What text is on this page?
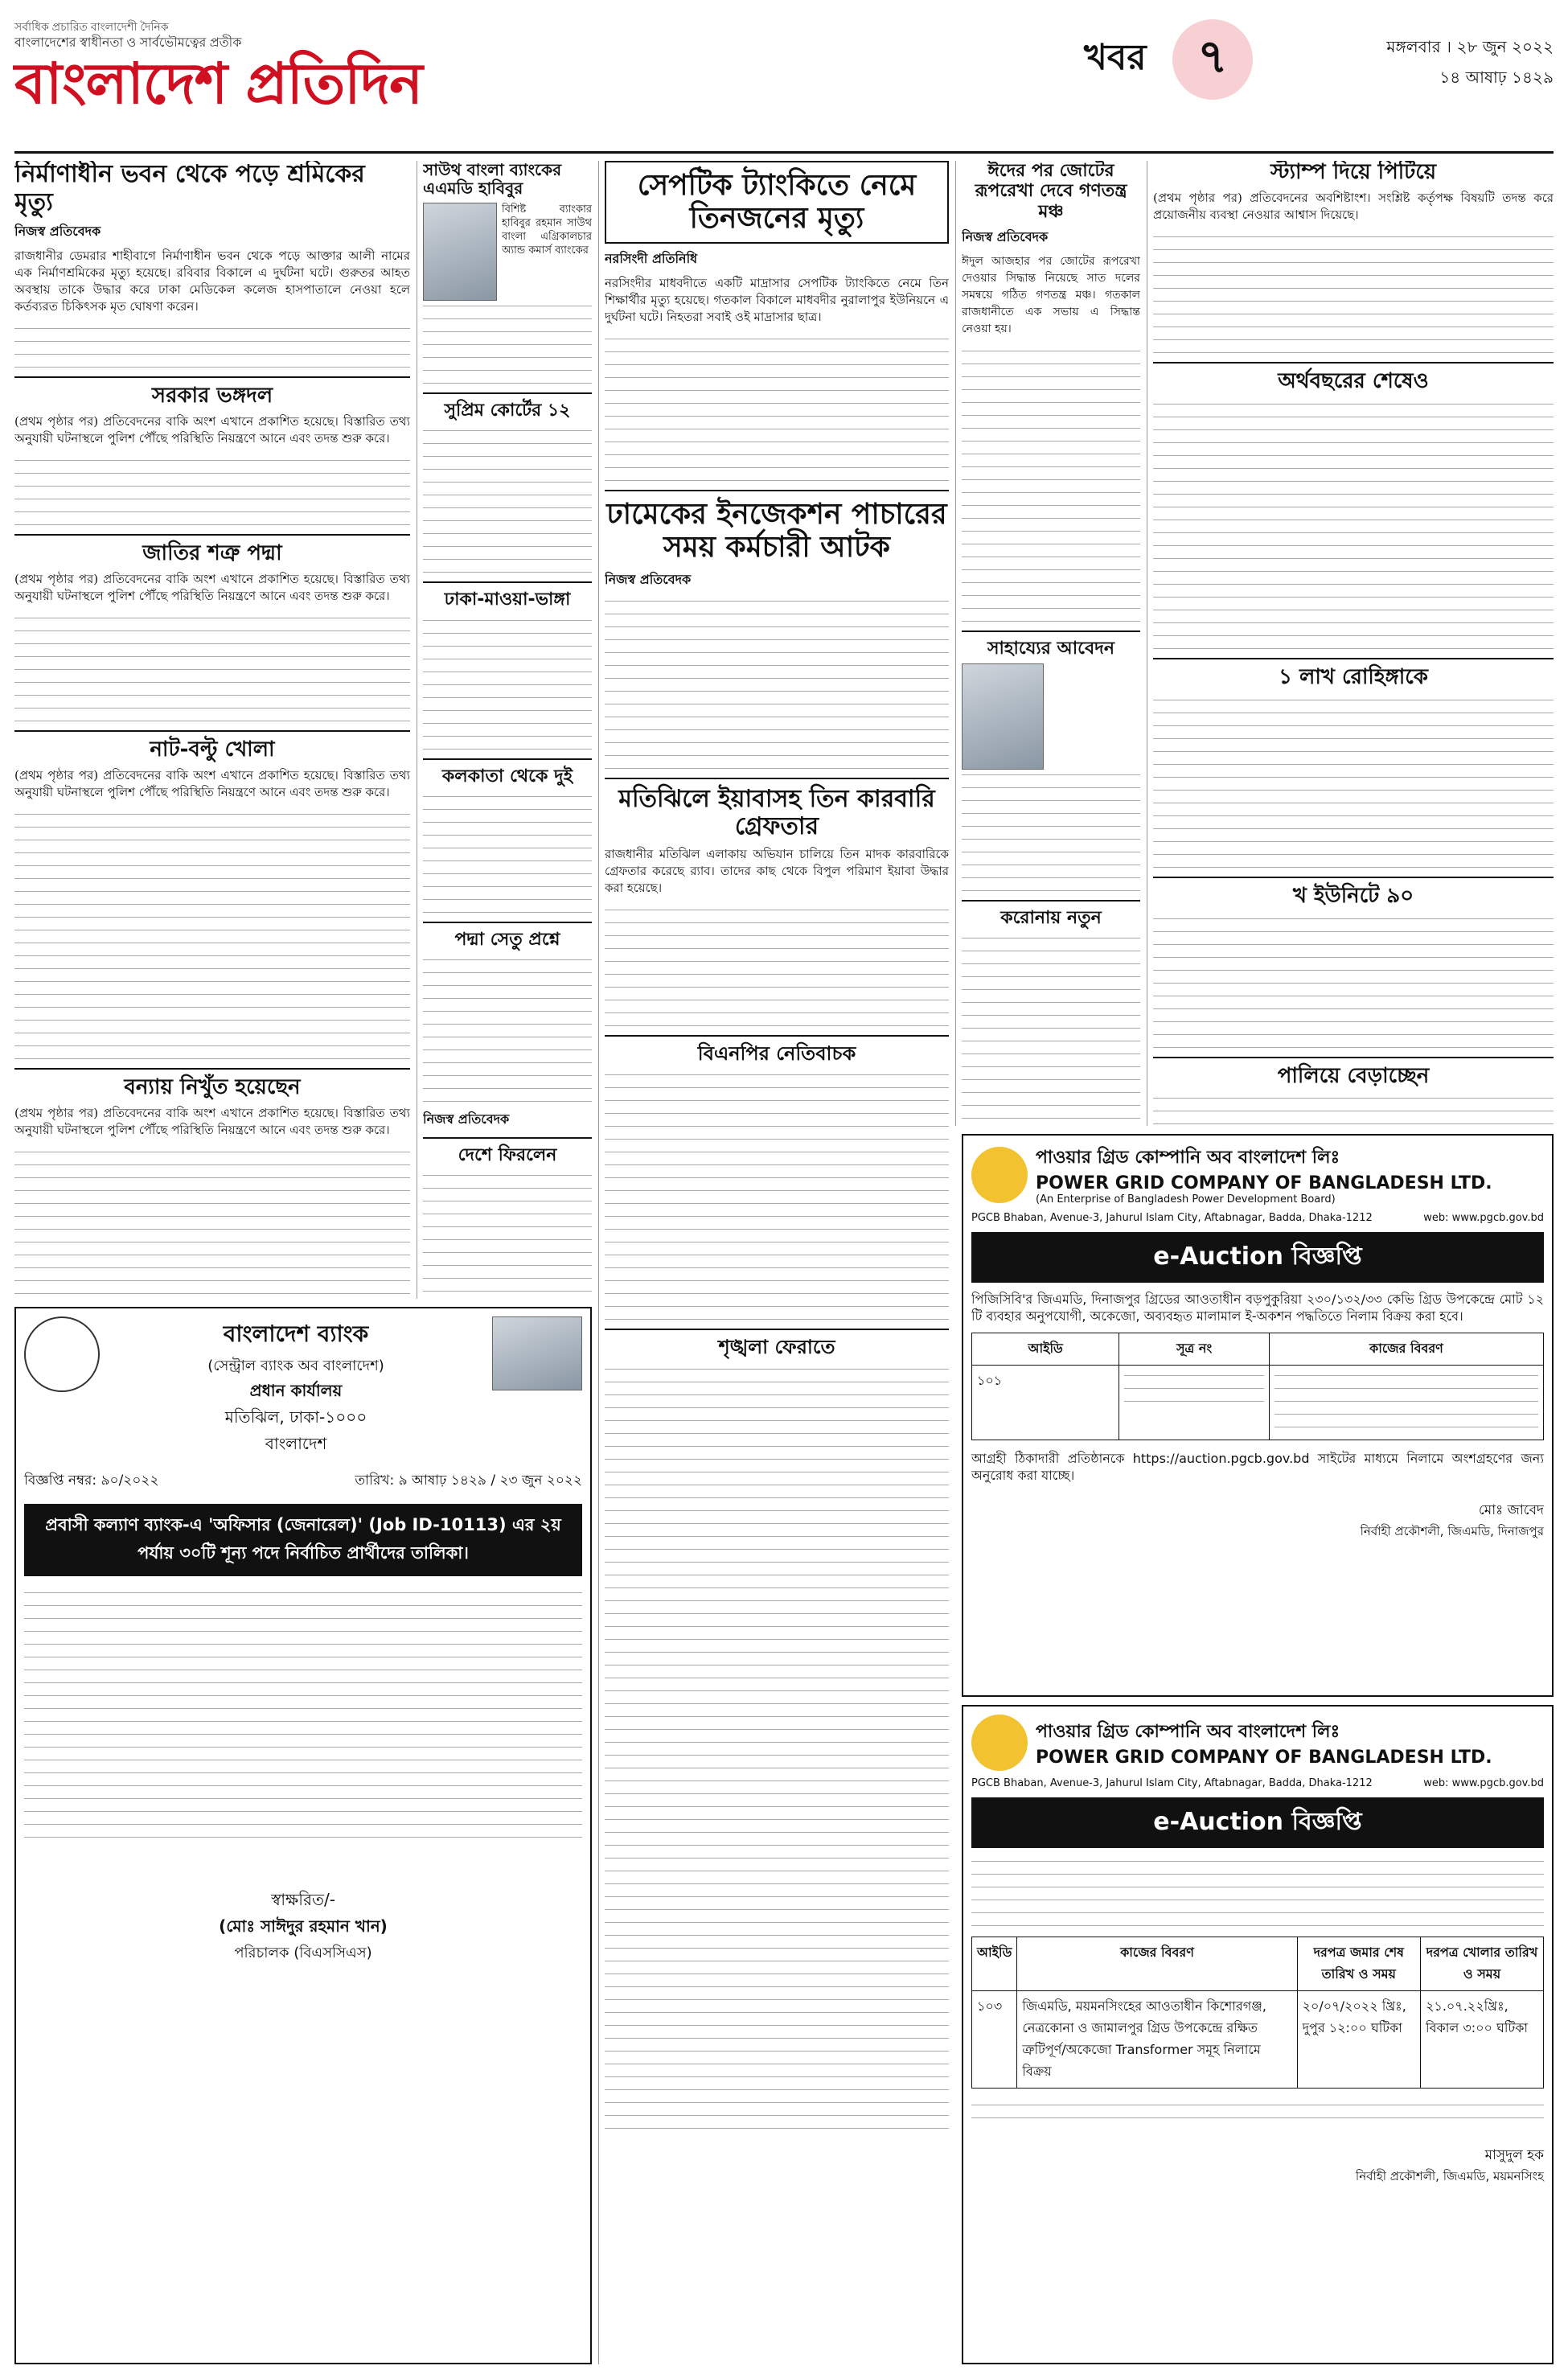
সর্বাধিক প্রচারিত বাংলাদেশী দৈনিক
বাংলাদেশের স্বাধীনতা ও সার্বভৌমত্বের প্রতীক
বাংলাদেশ প্রতিদিন	খবর	৭	মঙ্গলবার । ২৮ জুন ২০২২
১৪ আষাঢ় ১৪২৯
নির্মাণাধীন ভবন থেকে পড়ে শ্রমিকের মৃত্যু
নিজস্ব প্রতিবেদক

রাজধানীর ডেমরার শাহীবাগে নির্মাণাধীন ভবন থেকে পড়ে আক্তার আলী নামের এক নির্মাণশ্রমিকের মৃত্যু হয়েছে। রবিবার বিকালে এ দুর্ঘটনা ঘটে। গুরুতর আহত অবস্থায় তাকে উদ্ধার করে ঢাকা মেডিকেল কলেজ হাসপাতালে নেওয়া হলে কর্তব্যরত চিকিৎসক মৃত ঘোষণা করেন।

সরকার ভঙ্গদল

(প্রথম পৃষ্ঠার পর) প্রতিবেদনের বাকি অংশ এখানে প্রকাশিত হয়েছে। বিস্তারিত তথ্য অনুযায়ী ঘটনাস্থলে পুলিশ পৌঁছে পরিস্থিতি নিয়ন্ত্রণে আনে এবং তদন্ত শুরু করে।

জাতির শত্রু পদ্মা

(প্রথম পৃষ্ঠার পর) প্রতিবেদনের বাকি অংশ এখানে প্রকাশিত হয়েছে। বিস্তারিত তথ্য অনুযায়ী ঘটনাস্থলে পুলিশ পৌঁছে পরিস্থিতি নিয়ন্ত্রণে আনে এবং তদন্ত শুরু করে।

নাট-বল্টু খোলা

(প্রথম পৃষ্ঠার পর) প্রতিবেদনের বাকি অংশ এখানে প্রকাশিত হয়েছে। বিস্তারিত তথ্য অনুযায়ী ঘটনাস্থলে পুলিশ পৌঁছে পরিস্থিতি নিয়ন্ত্রণে আনে এবং তদন্ত শুরু করে।

বন্যায় নিখুঁত হয়েছেন

(প্রথম পৃষ্ঠার পর) প্রতিবেদনের বাকি অংশ এখানে প্রকাশিত হয়েছে। বিস্তারিত তথ্য অনুযায়ী ঘটনাস্থলে পুলিশ পৌঁছে পরিস্থিতি নিয়ন্ত্রণে আনে এবং তদন্ত শুরু করে।

সাউথ বাংলা ব্যাংকের এএমডি হাবিবুর
বিশিষ্ট ব্যাংকার হাবিবুর রহমান সাউথ বাংলা এগ্রিকালচার অ্যান্ড কমার্স ব্যাংকের
সুপ্রিম কোর্টের ১২
ঢাকা-মাওয়া-ভাঙ্গা
কলকাতা থেকে দুই
পদ্মা সেতু প্রশ্নে
নিজস্ব প্রতিবেদক
দেশে ফিরলেন
সেপটিক ট্যাংকিতে নেমে তিনজনের মৃত্যু
নরসিংদী প্রতিনিধি

নরসিংদীর মাধবদীতে একটি মাদ্রাসার সেপটিক ট্যাংকিতে নেমে তিন শিক্ষার্থীর মৃত্যু হয়েছে। গতকাল বিকালে মাধবদীর নুরালাপুর ইউনিয়নে এ দুর্ঘটনা ঘটে। নিহতরা সবাই ওই মাদ্রাসার ছাত্র।

ঢামেকের ইনজেকশন পাচারের সময় কর্মচারী আটক
নিজস্ব প্রতিবেদক
মতিঝিলে ইয়াবাসহ তিন কারবারি গ্রেফতার

রাজধানীর মতিঝিল এলাকায় অভিযান চালিয়ে তিন মাদক কারবারিকে গ্রেফতার করেছে র‍্যাব। তাদের কাছ থেকে বিপুল পরিমাণ ইয়াবা উদ্ধার করা হয়েছে।

বিএনপির নেতিবাচক
শৃঙ্খলা ফেরাতে
ঈদের পর জোটের রূপরেখা দেবে গণতন্ত্র মঞ্চ
নিজস্ব প্রতিবেদক

ঈদুল আজহার পর জোটের রূপরেখা দেওয়ার সিদ্ধান্ত নিয়েছে সাত দলের সমন্বয়ে গঠিত গণতন্ত্র মঞ্চ। গতকাল রাজধানীতে এক সভায় এ সিদ্ধান্ত নেওয়া হয়।

সাহায্যের আবেদন
করোনায় নতুন
স্ট্যাম্প দিয়ে পিটিয়ে

(প্রথম পৃষ্ঠার পর) প্রতিবেদনের অবশিষ্টাংশ। সংশ্লিষ্ট কর্তৃপক্ষ বিষয়টি তদন্ত করে প্রয়োজনীয় ব্যবস্থা নেওয়ার আশ্বাস দিয়েছে।

অর্থবছরের শেষেও
১ লাখ রোহিঙ্গাকে
খ ইউনিটে ৯০
পালিয়ে বেড়াচ্ছেন
বাংলাদেশ ব্যাংক
(সেন্ট্রাল ব্যাংক অব বাংলাদেশ)
প্রধান কার্যালয়
মতিঝিল, ঢাকা-১০০০
বাংলাদেশ
বিজ্ঞপ্তি নম্বর: ৯০/২০২২	তারিখ: ৯ আষাঢ় ১৪২৯ / ২৩ জুন ২০২২
প্রবাসী কল্যাণ ব্যাংক-এ 'অফিসার (জেনারেল)' (Job ID-10113) এর ২য় পর্যায় ৩০টি শূন্য পদে নির্বাচিত প্রার্থীদের তালিকা।
স্বাক্ষরিত/-
(মোঃ সাঈদুর রহমান খান)
পরিচালক (বিএসসিএস)
পাওয়ার গ্রিড কোম্পানি অব বাংলাদেশ লিঃ
POWER GRID COMPANY OF BANGLADESH LTD.
(An Enterprise of Bangladesh Power Development Board)
PGCB Bhaban, Avenue-3, Jahurul Islam City, Aftabnagar, Badda, Dhaka-1212	web: www.pgcb.gov.bd
e-Auction বিজ্ঞপ্তি

পিজিসিবি'র জিএমডি, দিনাজপুর গ্রিডের আওতাধীন বড়পুকুরিয়া ২৩০/১৩২/৩৩ কেভি গ্রিড উপকেন্দ্রে মোট ১২ টি ব্যবহার অনুপযোগী, অকেজো, অব্যবহৃত মালামাল ই-অকশন পদ্ধতিতে নিলাম বিক্রয় করা হবে।

আইডি	সূত্র নং	কাজের বিবরণ
১০১	

আগ্রহী ঠিকাদারী প্রতিষ্ঠানকে https://auction.pgcb.gov.bd সাইটের মাধ্যমে নিলামে অংশগ্রহণের জন্য অনুরোধ করা যাচ্ছে।

মোঃ জাবেদ
নির্বাহী প্রকৌশলী, জিএমডি, দিনাজপুর
পাওয়ার গ্রিড কোম্পানি অব বাংলাদেশ লিঃ
POWER GRID COMPANY OF BANGLADESH LTD.
PGCB Bhaban, Avenue-3, Jahurul Islam City, Aftabnagar, Badda, Dhaka-1212	web: www.pgcb.gov.bd
e-Auction বিজ্ঞপ্তি
আইডি	কাজের বিবরণ	দরপত্র জমার শেষ তারিখ ও সময়	দরপত্র খোলার তারিখ ও সময়
১০৩	জিএমডি, ময়মনসিংহের আওতাধীন কিশোরগঞ্জ, নেত্রকোনা ও জামালপুর গ্রিড উপকেন্দ্রে রক্ষিত ত্রুটিপূর্ণ/অকেজো Transformer সমূহ নিলামে বিক্রয়	২০/০৭/২০২২ খ্রিঃ, দুপুর ১২:০০ ঘটিকা	২১.০৭.২২খ্রিঃ, বিকাল ৩:০০ ঘটিকা
মাসুদুল হক
নির্বাহী প্রকৌশলী, জিএমডি, ময়মনসিংহ
